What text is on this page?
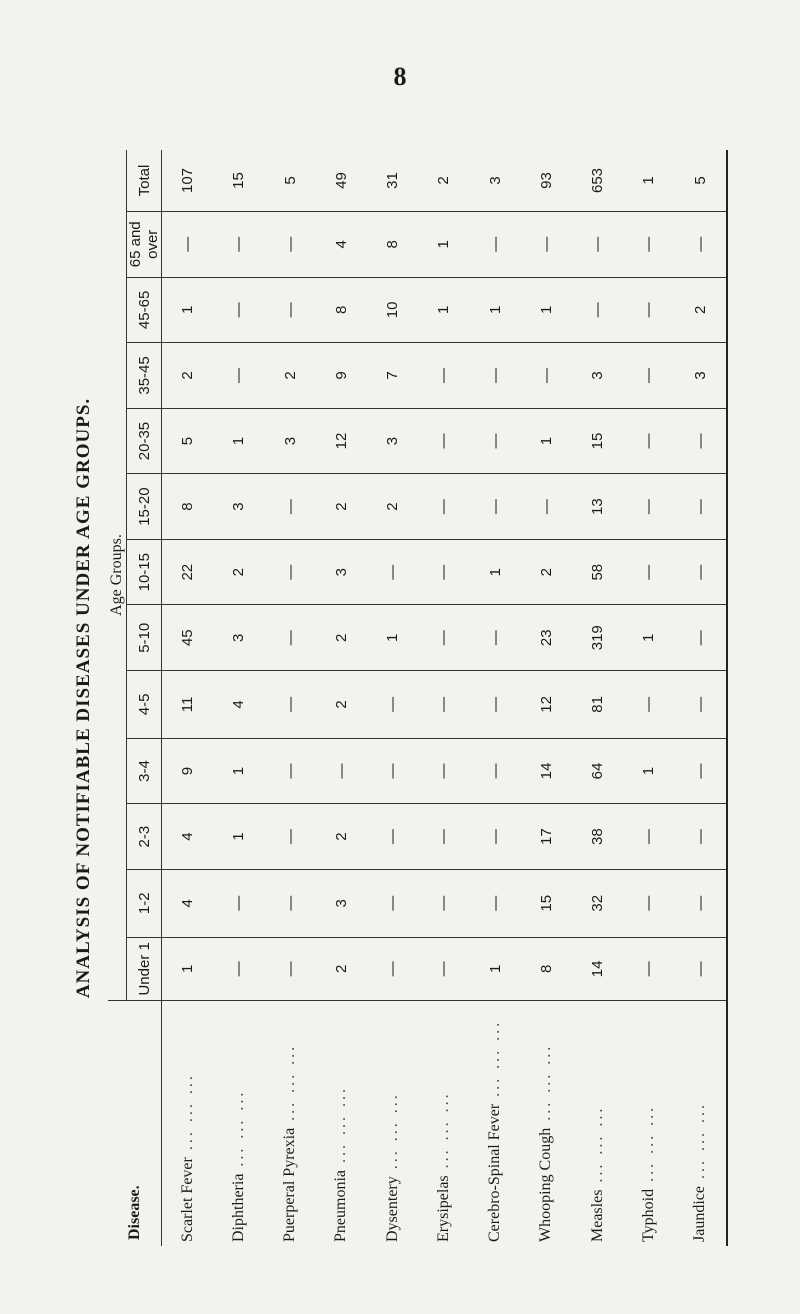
8
ANALYSIS OF NOTIFIABLE DISEASES UNDER AGE GROUPS.
Disease.	Age Groups.												
	Under 1	1-2	2-3	3-4	4-5	5-10	10-15	15-20	20-35	35-45	45-65	65 and over	Total
Scarlet Fever ... ... ...	1	4	4	9	11	45	22	8	5	2	1	—	107
Diphtheria ... ... ...	—	—	1	1	4	3	2	3	1	—	—	—	15
Puerperal Pyrexia ... ... ...	—	—	—	—	—	—	—	—	3	2	—	—	5
Pneumonia ... ... ...	2	3	2	—	2	2	3	2	12	9	8	4	49
Dysentery ... ... ...	—	—	—	—	—	1	—	2	3	7	10	8	31
Erysipelas ... ... ...	—	—	—	—	—	—	—	—	—	—	1	1	2
Cerebro-Spinal Fever ... ... ...	1	—	—	—	—	—	1	—	—	—	1	—	3
Whooping Cough ... ... ...	8	15	17	14	12	23	2	—	1	—	1	—	93
Measles ... ... ...	14	32	38	64	81	319	58	13	15	3	—	—	653
Typhoid ... ... ...	—	—	—	1	—	1	—	—	—	—	—	—	1
Jaundice ... ... ...	—	—	—	—	—	—	—	—	—	3	2	—	5
